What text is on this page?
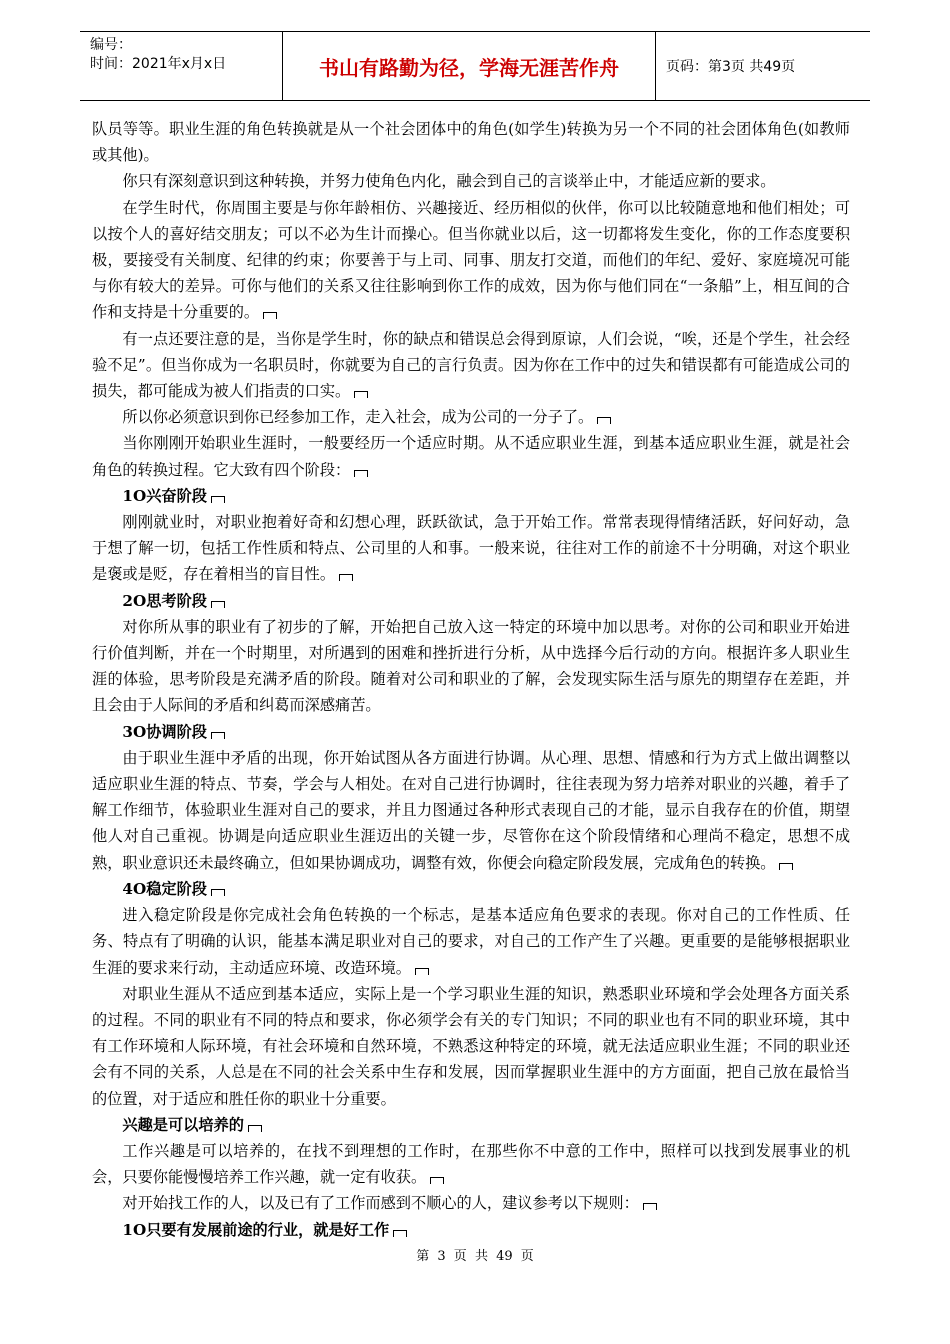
编号：
时间：2021年x月x日	书山有路勤为径，学海无涯苦作舟	页码：第3页 共49页

队员等等。职业生涯的角色转换就是从一个社会团体中的角色(如学生)转换为另一个不同的社会团体角色(如教师或其他)。

你只有深刻意识到这种转换，并努力使角色内化，融会到自己的言谈举止中，才能适应新的要求。

在学生时代，你周围主要是与你年龄相仿、兴趣接近、经历相似的伙伴，你可以比较随意地和他们相处；可以按个人的喜好结交朋友；可以不必为生计而操心。但当你就业以后，这一切都将发生变化，你的工作态度要积极，要接受有关制度、纪律的约束；你要善于与上司、同事、朋友打交道，而他们的年纪、爱好、家庭境况可能与你有较大的差异。可你与他们的关系又往往影响到你工作的成效，因为你与他们同在“一条船”上，相互间的合作和支持是十分重要的。

有一点还要注意的是，当你是学生时，你的缺点和错误总会得到原谅，人们会说，“唉，还是个学生，社会经验不足”。但当你成为一名职员时，你就要为自己的言行负责。因为你在工作中的过失和错误都有可能造成公司的损失，都可能成为被人们指责的口实。

所以你必须意识到你已经参加工作，走入社会，成为公司的一分子了。

当你刚刚开始职业生涯时，一般要经历一个适应时期。从不适应职业生涯，到基本适应职业生涯，就是社会角色的转换过程。它大致有四个阶段：

1O兴奋阶段

刚刚就业时，对职业抱着好奇和幻想心理，跃跃欲试，急于开始工作。常常表现得情绪活跃，好问好动，急于想了解一切，包括工作性质和特点、公司里的人和事。一般来说，往往对工作的前途不十分明确，对这个职业是褒或是贬，存在着相当的盲目性。

2O思考阶段

对你所从事的职业有了初步的了解，开始把自己放入这一特定的环境中加以思考。对你的公司和职业开始进行价值判断，并在一个时期里，对所遇到的困难和挫折进行分析，从中选择今后行动的方向。根据许多人职业生涯的体验，思考阶段是充满矛盾的阶段。随着对公司和职业的了解，会发现实际生活与原先的期望存在差距，并且会由于人际间的矛盾和纠葛而深感痛苦。

3O协调阶段

由于职业生涯中矛盾的出现，你开始试图从各方面进行协调。从心理、思想、情感和行为方式上做出调整以适应职业生涯的特点、节奏，学会与人相处。在对自己进行协调时，往往表现为努力培养对职业的兴趣，着手了解工作细节，体验职业生涯对自己的要求，并且力图通过各种形式表现自己的才能，显示自我存在的价值，期望他人对自己重视。协调是向适应职业生涯迈出的关键一步，尽管你在这个阶段情绪和心理尚不稳定，思想不成熟，职业意识还未最终确立，但如果协调成功，调整有效，你便会向稳定阶段发展，完成角色的转换。

4O稳定阶段

进入稳定阶段是你完成社会角色转换的一个标志，是基本适应角色要求的表现。你对自己的工作性质、任务、特点有了明确的认识，能基本满足职业对自己的要求，对自己的工作产生了兴趣。更重要的是能够根据职业生涯的要求来行动，主动适应环境、改造环境。

对职业生涯从不适应到基本适应，实际上是一个学习职业生涯的知识，熟悉职业环境和学会处理各方面关系的过程。不同的职业有不同的特点和要求，你必须学会有关的专门知识；不同的职业也有不同的职业环境，其中有工作环境和人际环境，有社会环境和自然环境，不熟悉这种特定的环境，就无法适应职业生涯；不同的职业还会有不同的关系，人总是在不同的社会关系中生存和发展，因而掌握职业生涯中的方方面面，把自己放在最恰当的位置，对于适应和胜任你的职业十分重要。

兴趣是可以培养的

工作兴趣是可以培养的，在找不到理想的工作时，在那些你不中意的工作中，照样可以找到发展事业的机会，只要你能慢慢培养工作兴趣，就一定有收获。

对开始找工作的人，以及已有了工作而感到不顺心的人，建议参考以下规则：

1O只要有发展前途的行业，就是好工作

第 3 页 共 49 页
